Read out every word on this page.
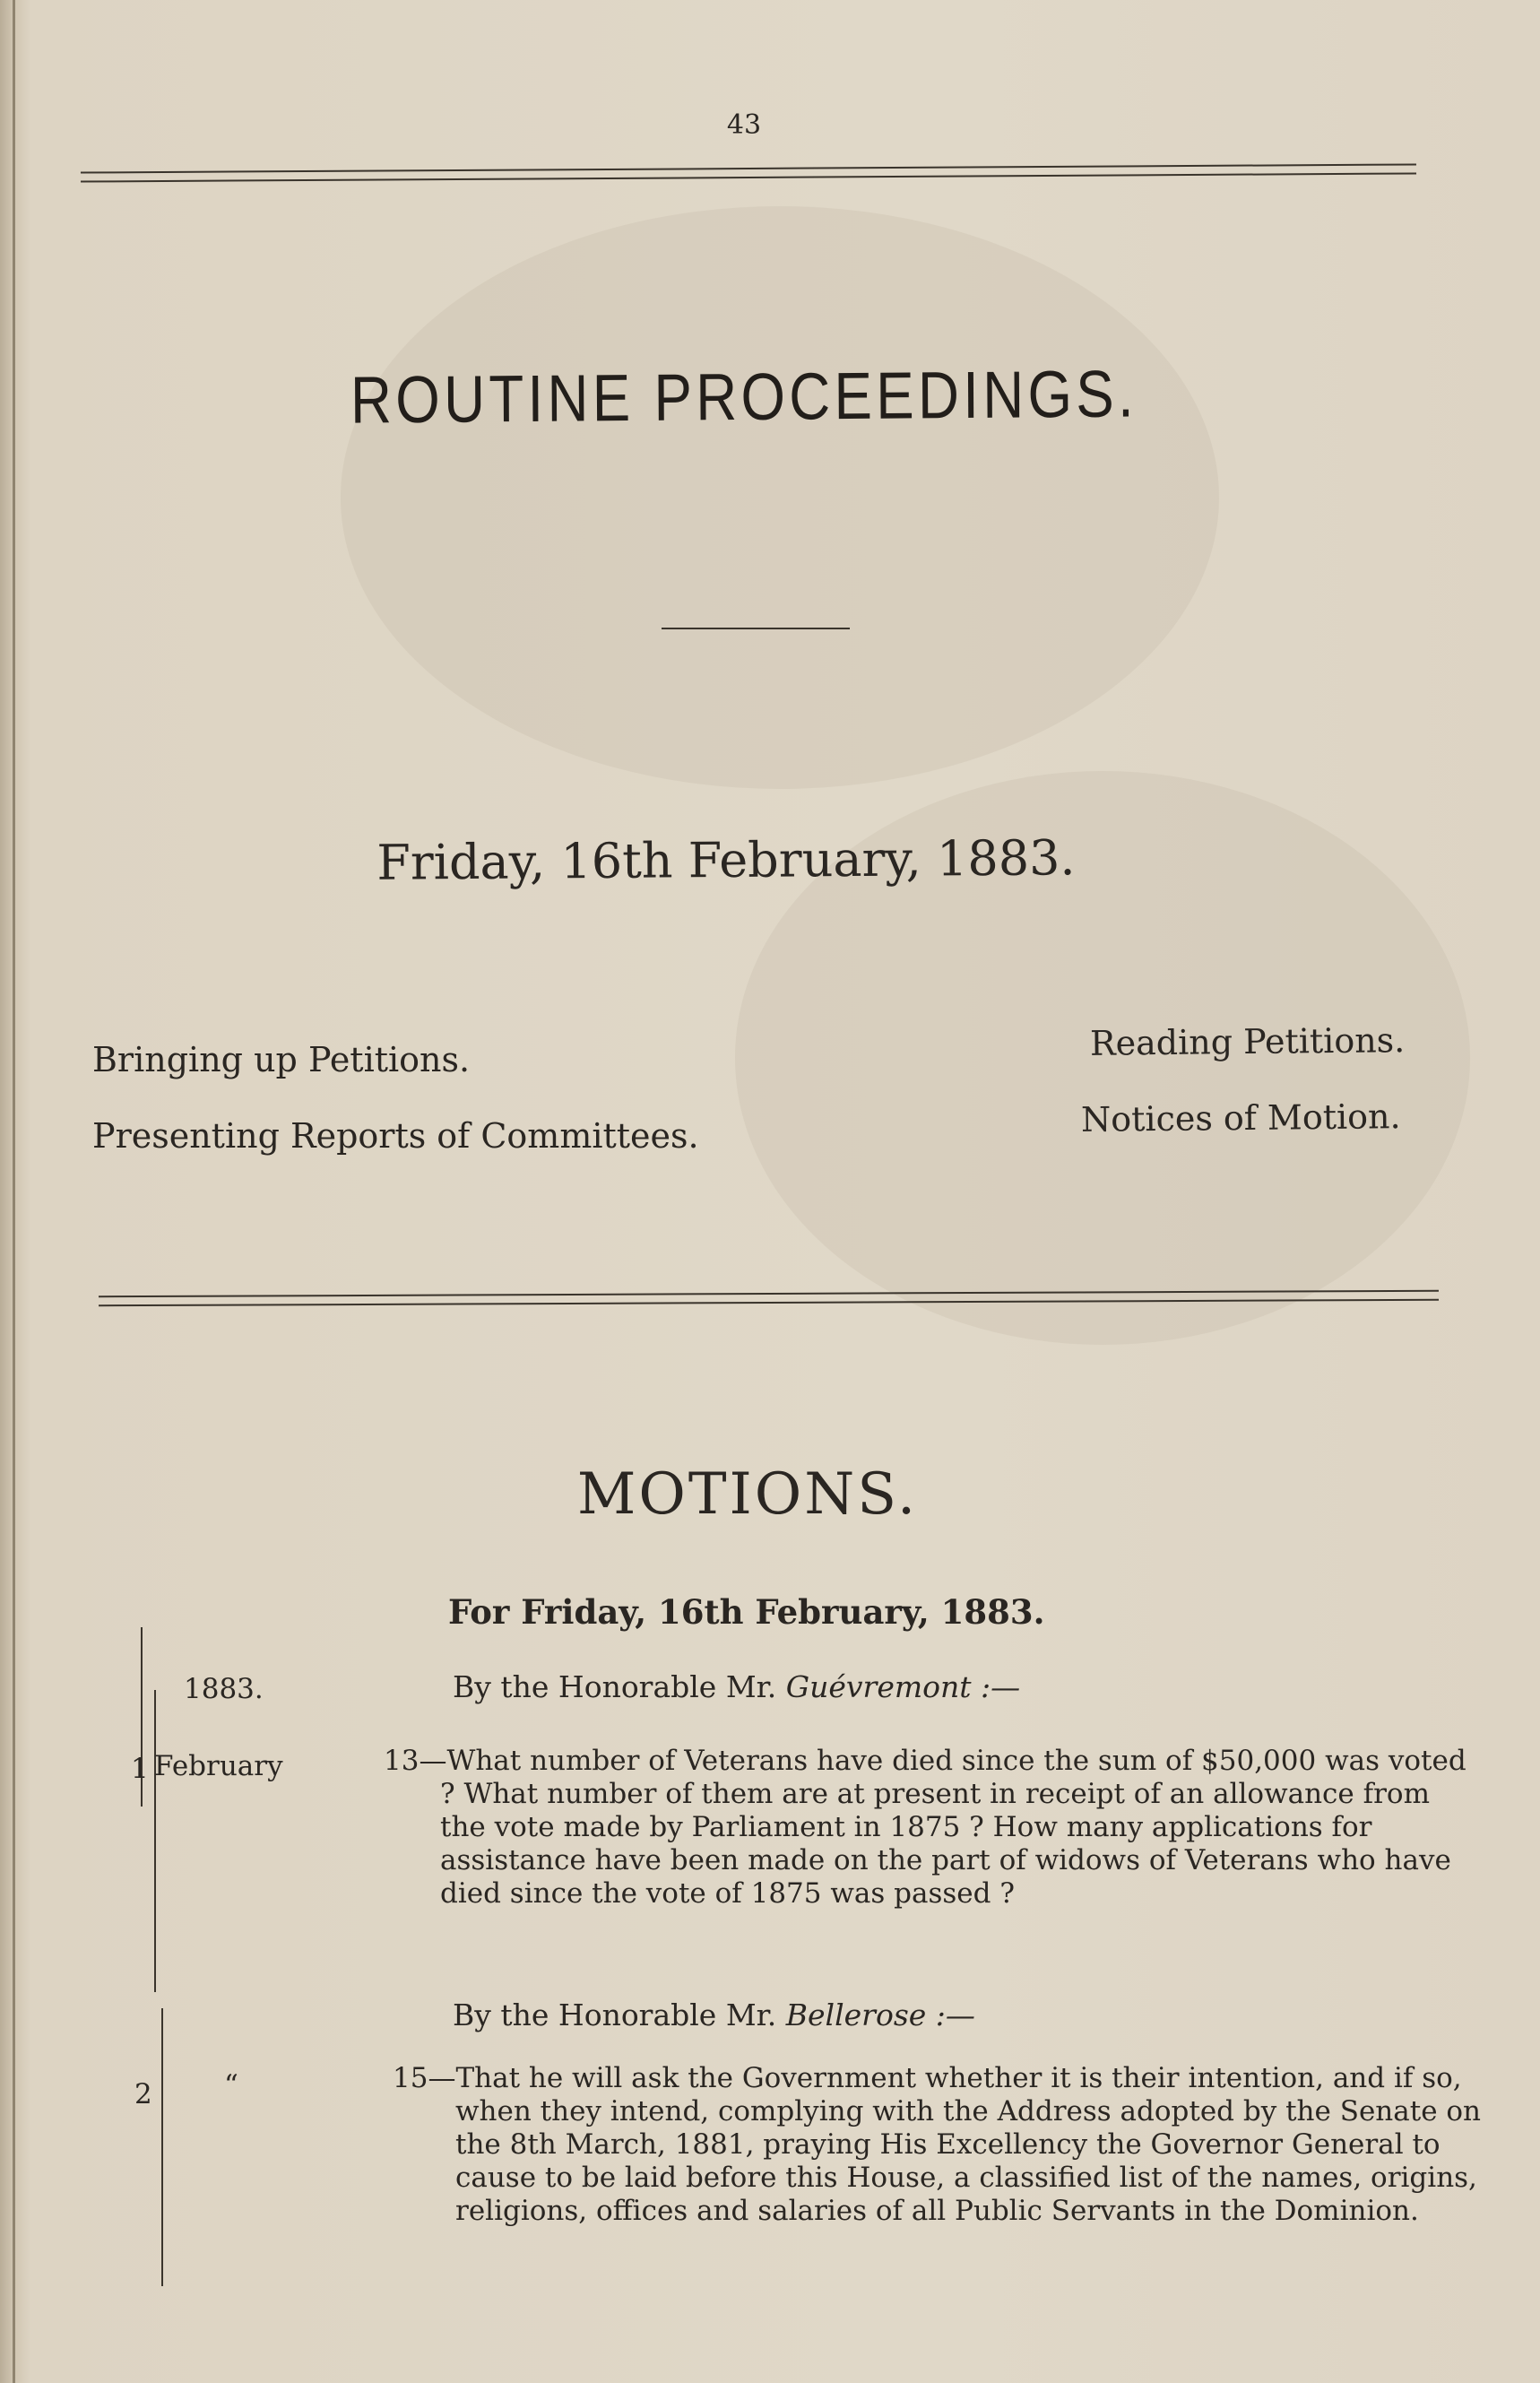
43
ROUTINE PROCEEDINGS.
Friday, 16th February, 1883.
Bringing up Petitions.
Presenting Reports of Committees.
Reading Petitions.
Notices of Motion.
MOTIONS.
For Friday, 16th February, 1883.
1883.	By the Honorable Mr. Guévremont :—
1 February	13—What number of Veterans have died since the sum of $50,000 was voted ? What number of them are at present in receipt of an allowance from the vote made by Parliament in 1875 ? How many applications for assistance have been made on the part of widows of Veterans who have died since the vote of 1875 was passed ?
By the Honorable Mr. Bellerose :—
2	“	15—That he will ask the Government whether it is their intention, and if so, when they intend, complying with the Address adopted by the Senate on the 8th March, 1881, praying His Excellency the Governor General to cause to be laid before this House, a classified list of the names, origins, religions, offices and salaries of all Public Servants in the Dominion.
